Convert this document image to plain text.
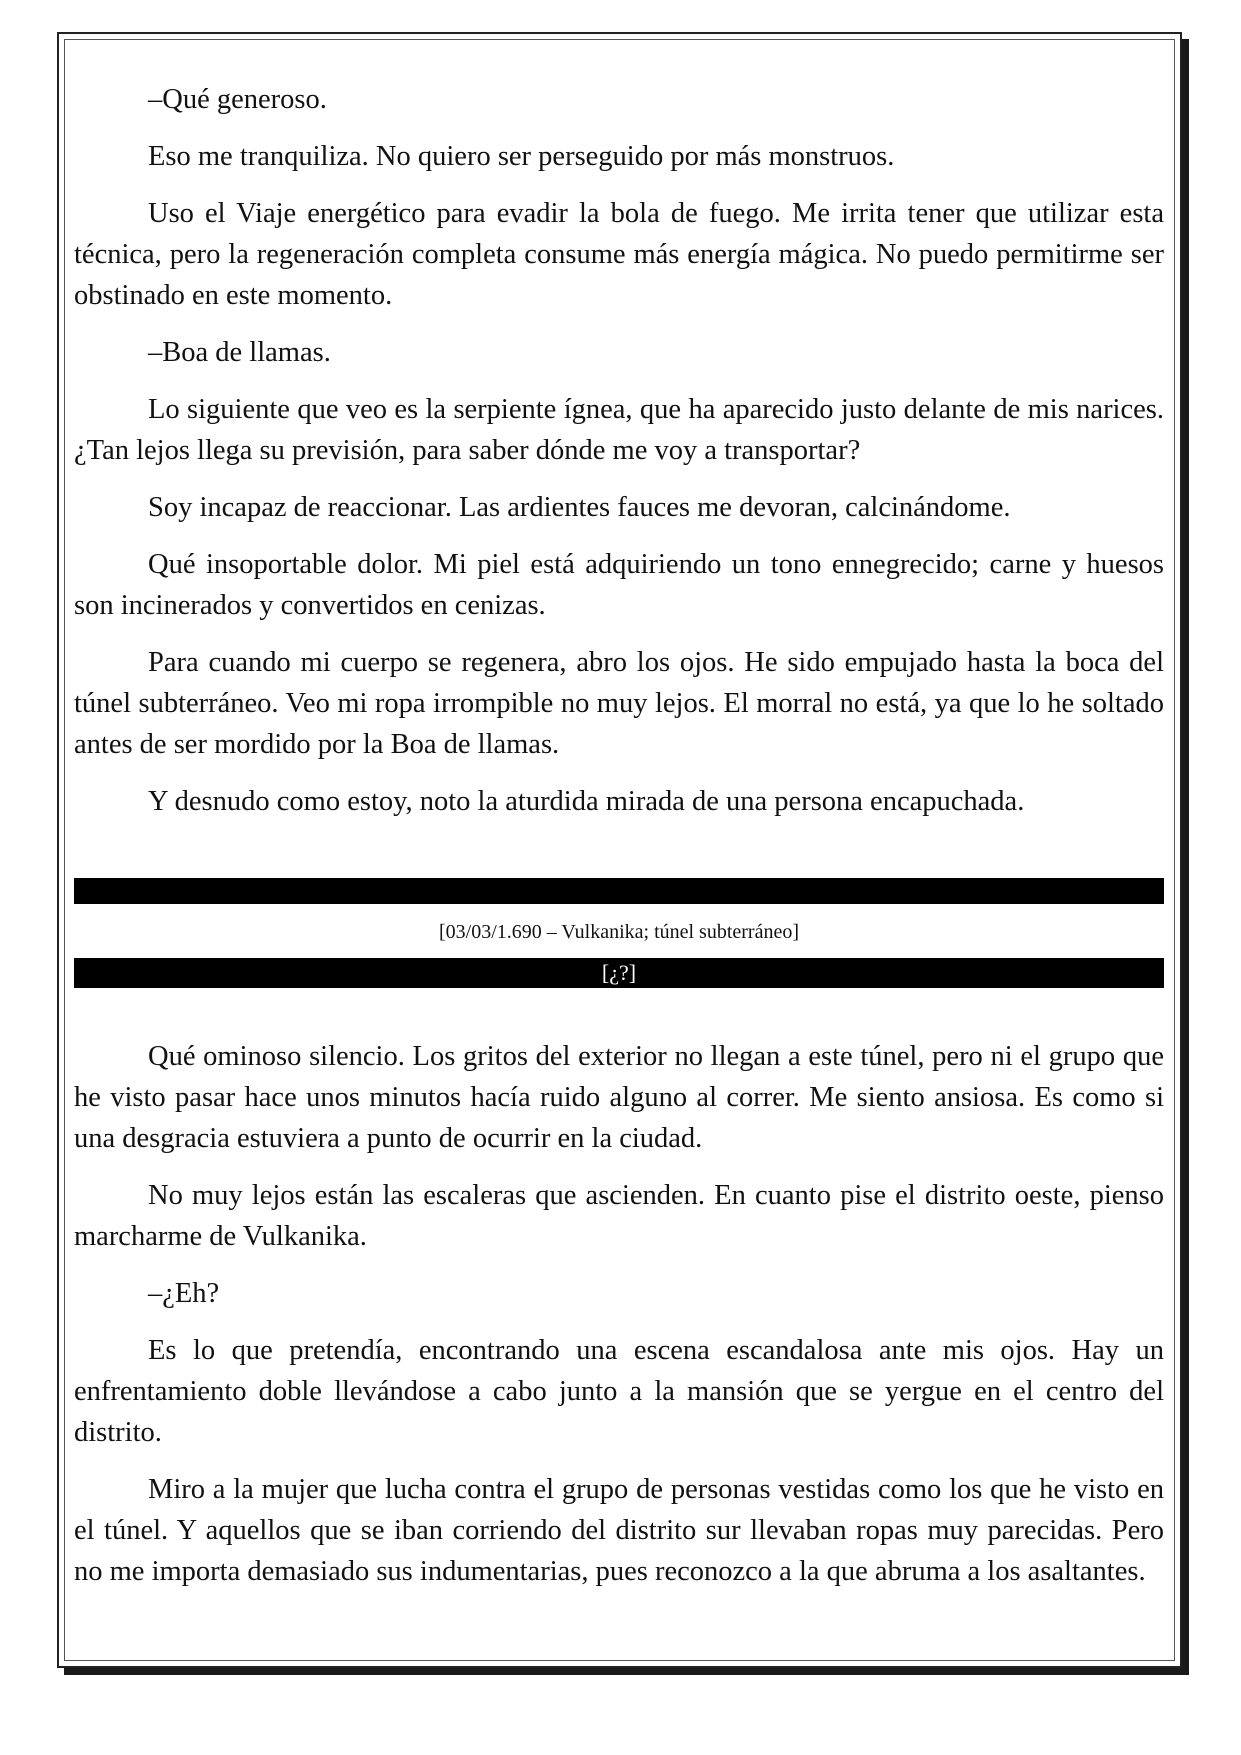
–Qué generoso.

Eso me tranquiliza. No quiero ser perseguido por más monstruos.

Uso el Viaje energético para evadir la bola de fuego. Me irrita tener que utilizar esta técnica, pero la regeneración completa consume más energía mágica. No puedo permitirme ser obstinado en este momento.

–Boa de llamas.

Lo siguiente que veo es la serpiente ígnea, que ha aparecido justo delante de mis narices. ¿Tan lejos llega su previsión, para saber dónde me voy a transportar?

Soy incapaz de reaccionar. Las ardientes fauces me devoran, calcinándome.

Qué insoportable dolor. Mi piel está adquiriendo un tono ennegrecido; carne y huesos son incinerados y convertidos en cenizas.

Para cuando mi cuerpo se regenera, abro los ojos. He sido empujado hasta la boca del túnel subterráneo. Veo mi ropa irrompible no muy lejos. El morral no está, ya que lo he soltado antes de ser mordido por la Boa de llamas.

Y desnudo como estoy, noto la aturdida mirada de una persona encapuchada.

[03/03/1.690 – Vulkanika; túnel subterráneo]
[¿?]

Qué ominoso silencio. Los gritos del exterior no llegan a este túnel, pero ni el grupo que he visto pasar hace unos minutos hacía ruido alguno al correr. Me siento ansiosa. Es como si una desgracia estuviera a punto de ocurrir en la ciudad.

No muy lejos están las escaleras que ascienden. En cuanto pise el distrito oeste, pienso marcharme de Vulkanika.

–¿Eh?

Es lo que pretendía, encontrando una escena escandalosa ante mis ojos. Hay un enfrentamiento doble llevándose a cabo junto a la mansión que se yergue en el centro del distrito.

Miro a la mujer que lucha contra el grupo de personas vestidas como los que he visto en el túnel. Y aquellos que se iban corriendo del distrito sur llevaban ropas muy parecidas. Pero no me importa demasiado sus indumentarias, pues reconozco a la que abruma a los asaltantes.
